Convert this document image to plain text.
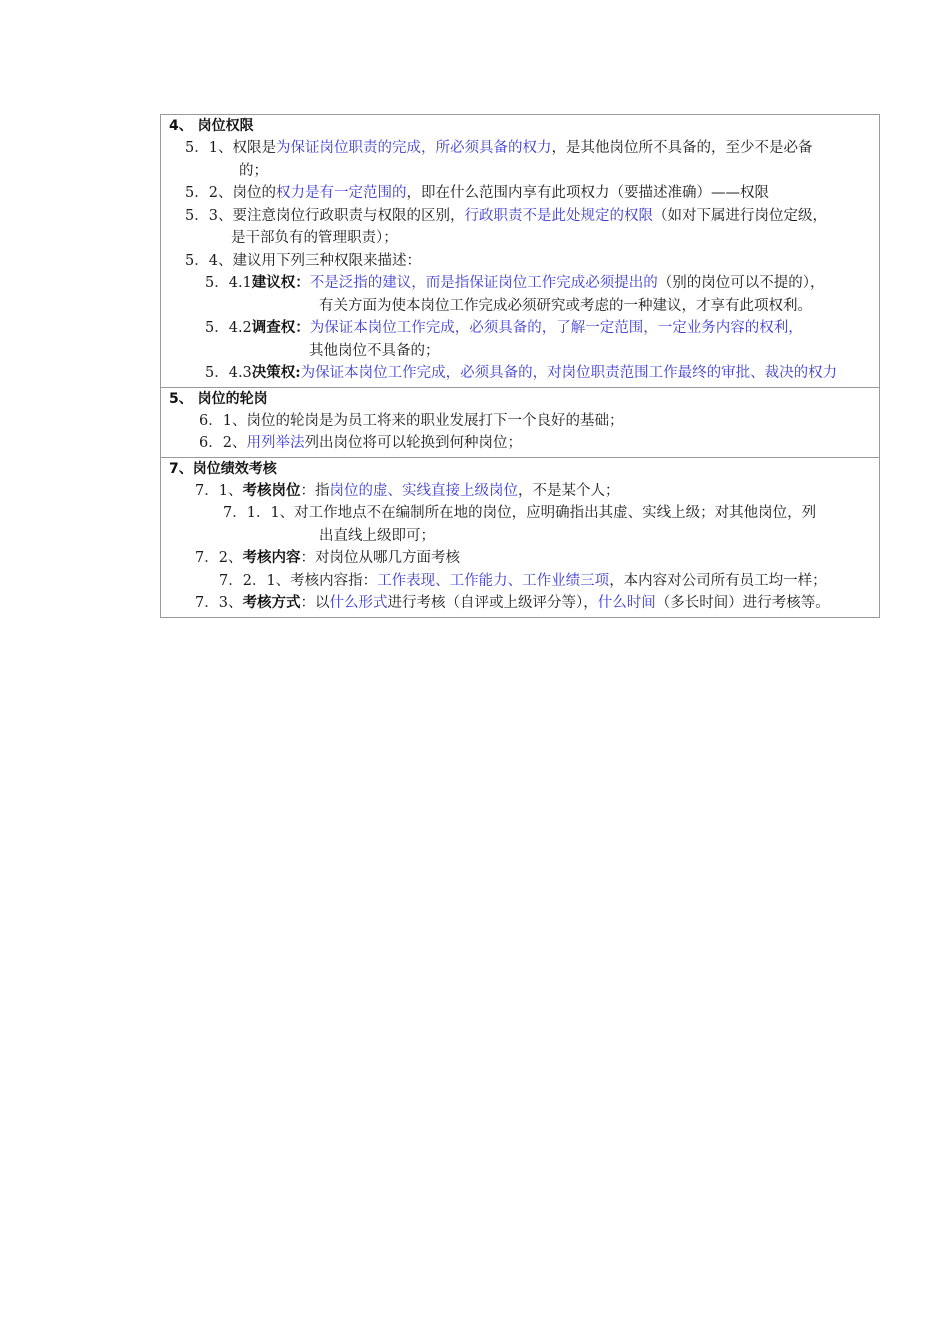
4、 岗位权限

5．1、权限是为保证岗位职责的完成，所必须具备的权力，是其他岗位所不具备的，至少不是必备

的；

5．2、岗位的权力是有一定范围的，即在什么范围内享有此项权力（要描述准确）——权限

5．3、要注意岗位行政职责与权限的区别，行政职责不是此处规定的权限（如对下属进行岗位定级，

是干部负有的管理职责）；

5．4、建议用下列三种权限来描述：

5．4.1建议权：不是泛指的建议，而是指保证岗位工作完成必须提出的（别的岗位可以不提的），

有关方面为使本岗位工作完成必须研究或考虑的一种建议，才享有此项权利。

5．4.2调查权：为保证本岗位工作完成，必须具备的，了解一定范围，一定业务内容的权利，

其他岗位不具备的；

5．4.3决策权:为保证本岗位工作完成，必须具备的，对岗位职责范围工作最终的审批、裁决的权力

5、 岗位的轮岗

6．1、岗位的轮岗是为员工将来的职业发展打下一个良好的基础；

6．2、用列举法列出岗位将可以轮换到何种岗位；

7、岗位绩效考核

7．1、考核岗位：指岗位的虚、实线直接上级岗位，不是某个人；

7．1．1、对工作地点不在编制所在地的岗位，应明确指出其虚、实线上级；对其他岗位，列

出直线上级即可；

7．2、考核内容：对岗位从哪几方面考核

7．2．1、考核内容指：工作表现、工作能力、工作业绩三项，本内容对公司所有员工均一样；

7．3、考核方式：以什么形式进行考核（自评或上级评分等），什么时间（多长时间）进行考核等。
